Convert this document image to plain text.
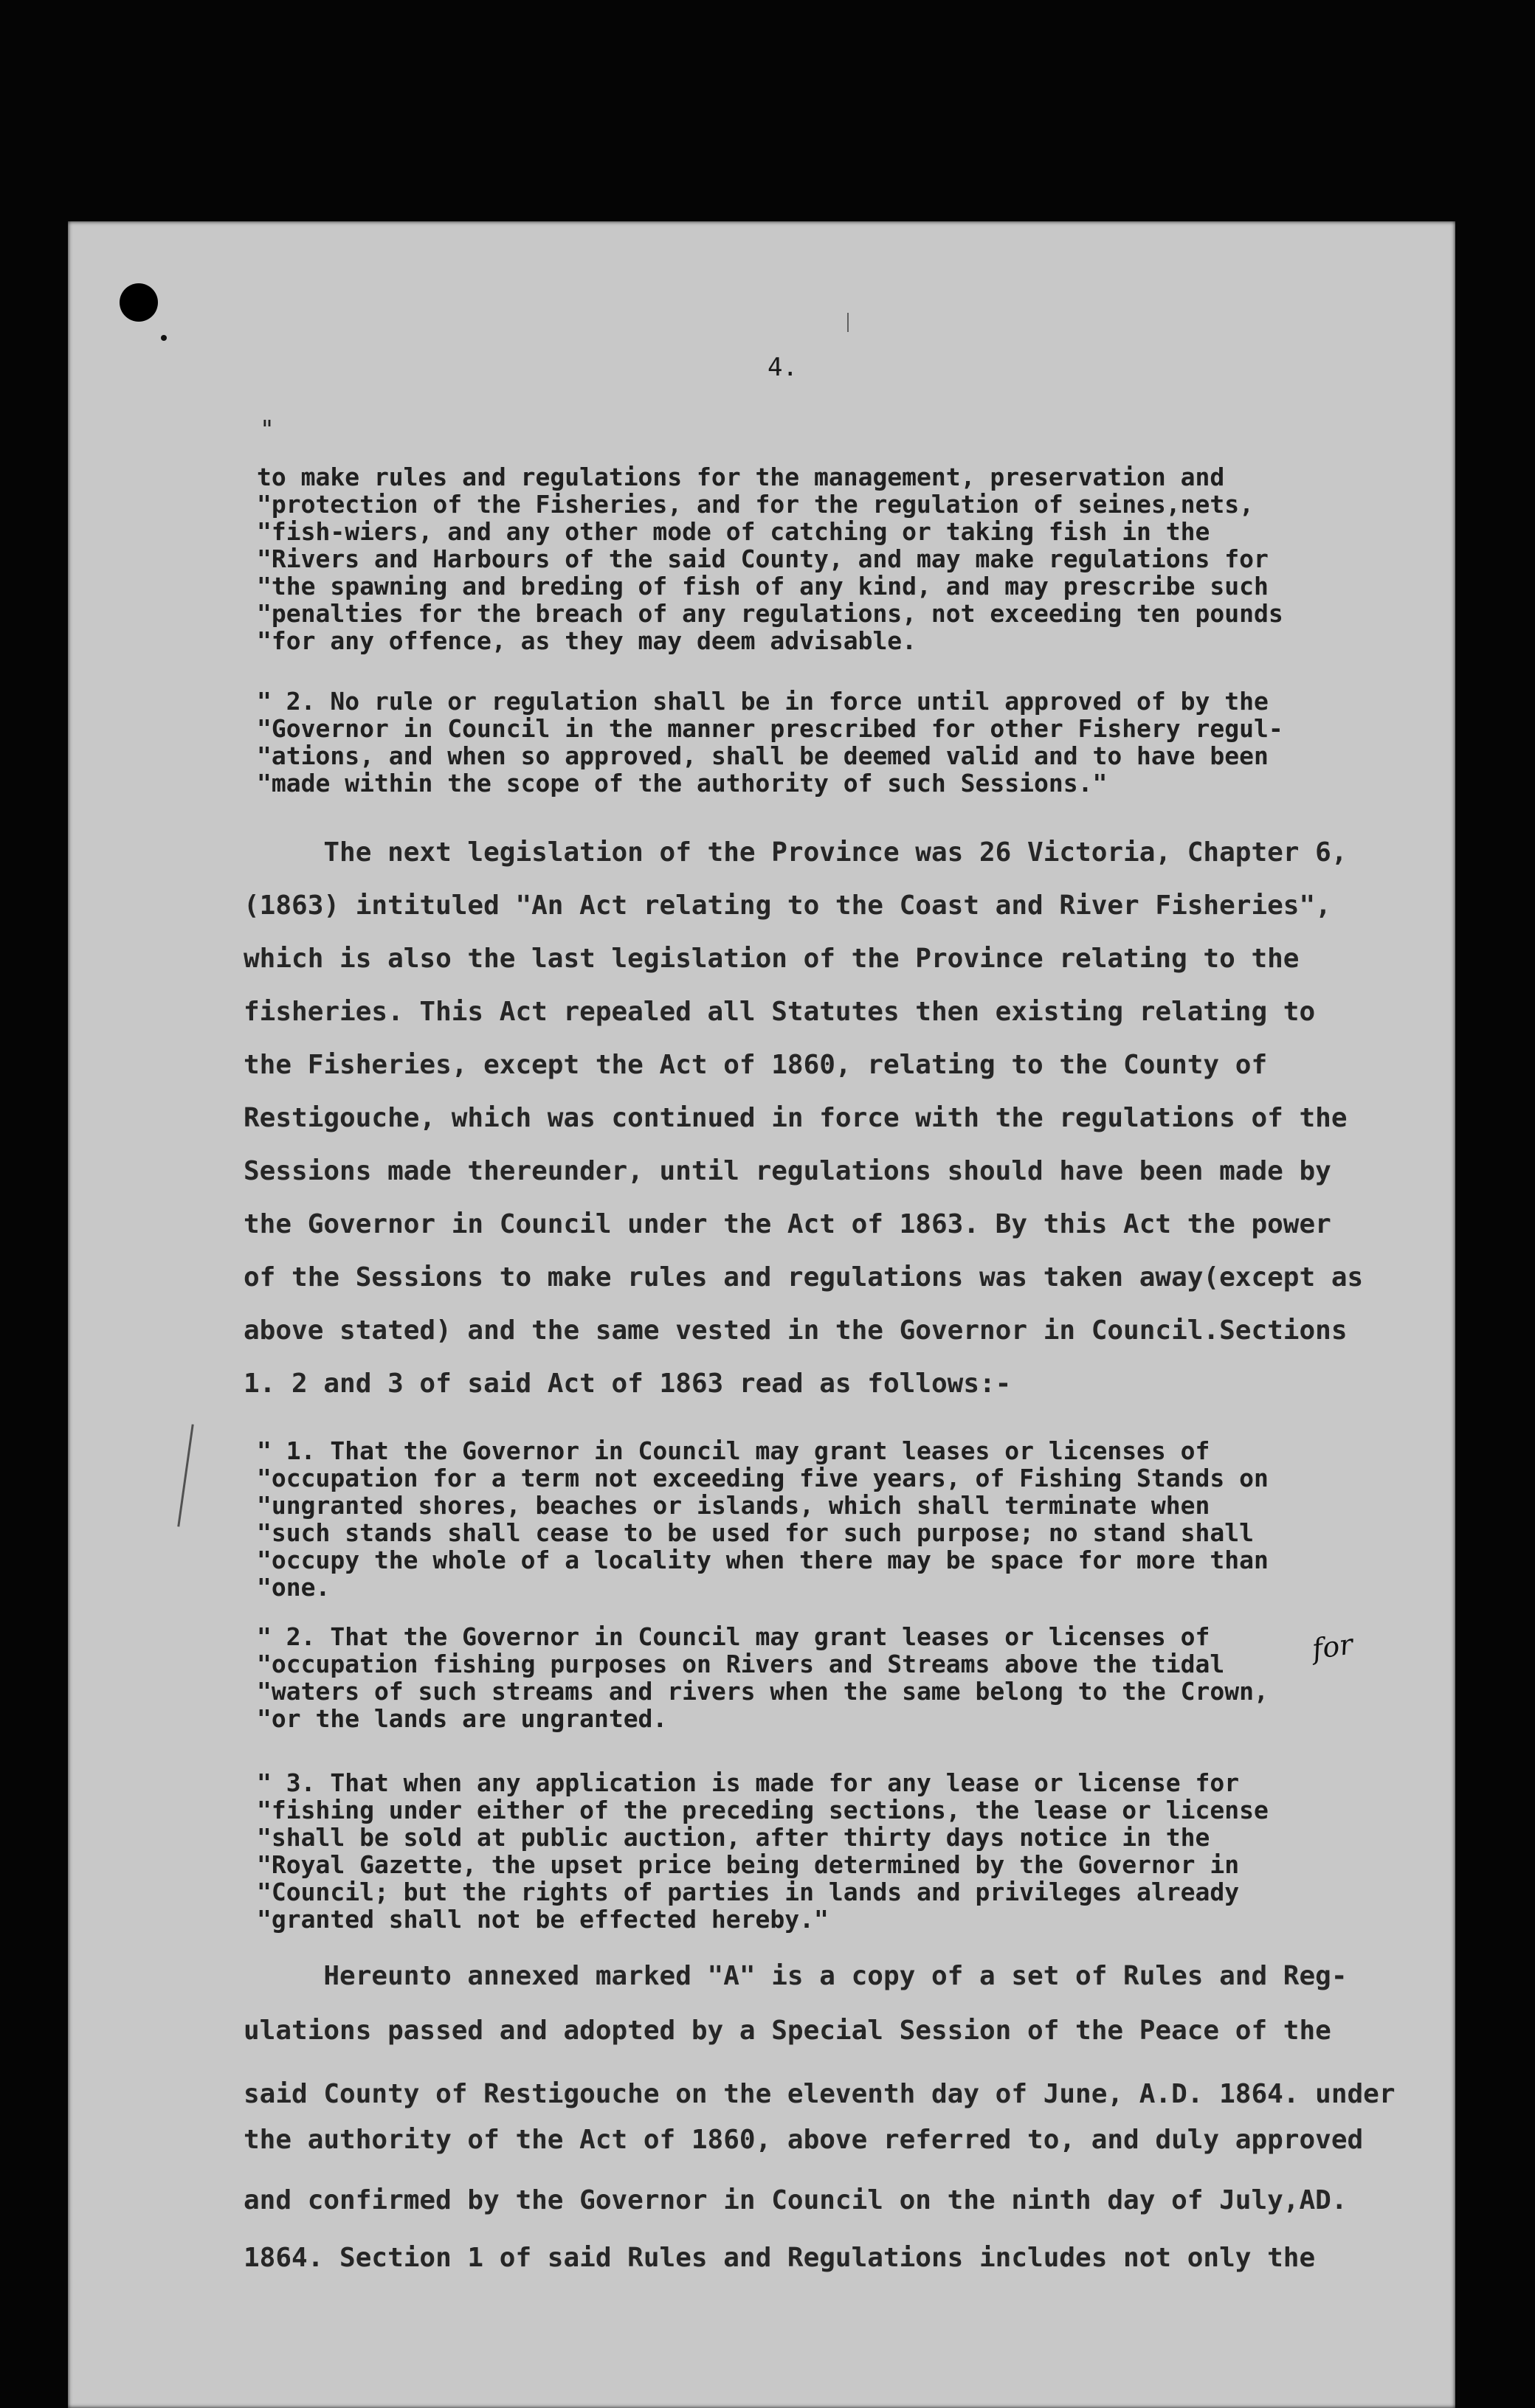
4.
"
to make rules and regulations for the management, preservation and
"protection of the Fisheries, and for the regulation of seines,nets,
"fish-wiers, and any other mode of catching or taking fish in the
"Rivers and Harbours of the said County, and may make regulations for
"the spawning and breding of fish of any kind, and may prescribe such
"penalties for the breach of any regulations, not exceeding ten pounds
"for any offence, as they may deem advisable.
" 2. No rule or regulation shall be in force until approved of by the
"Governor in Council in the manner prescribed for other Fishery regul-
"ations, and when so approved, shall be deemed valid and to have been
"made within the scope of the authority of such Sessions."
The next legislation of the Province was 26 Victoria, Chapter 6,
(1863) intituled "An Act relating to the Coast and River Fisheries",
which is also the last legislation of the Province relating to the
fisheries. This Act repealed all Statutes then existing relating to
the Fisheries, except the Act of 1860, relating to the County of
Restigouche, which was continued in force with the regulations of the
Sessions made thereunder, until regulations should have been made by
the Governor in Council under the Act of 1863. By this Act the power
of the Sessions to make rules and regulations was taken away(except as
above stated) and the same vested in the Governor in Council.Sections
1. 2 and 3 of said Act of 1863 read as follows:-
" 1. That the Governor in Council may grant leases or licenses of
"occupation for a term not exceeding five years, of Fishing Stands on
"ungranted shores, beaches or islands, which shall terminate when
"such stands shall cease to be used for such purpose; no stand shall
"occupy the whole of a locality when there may be space for more than
"one.
" 2. That the Governor in Council may grant leases or licenses of
"occupation fishing purposes on Rivers and Streams above the tidal
"waters of such streams and rivers when the same belong to the Crown,
"or the lands are ungranted.
for
" 3. That when any application is made for any lease or license for
"fishing under either of the preceding sections, the lease or license
"shall be sold at public auction, after thirty days notice in the
"Royal Gazette, the upset price being determined by the Governor in
"Council; but the rights of parties in lands and privileges already
"granted shall not be effected hereby."
Hereunto annexed marked "A" is a copy of a set of Rules and Reg-
ulations passed and adopted by a Special Session of the Peace of the
said County of Restigouche on the eleventh day of June, A.D. 1864. under
the authority of the Act of 1860, above referred to, and duly approved
and confirmed by the Governor in Council on the ninth day of July,AD.
1864. Section 1 of said Rules and Regulations includes not only the
